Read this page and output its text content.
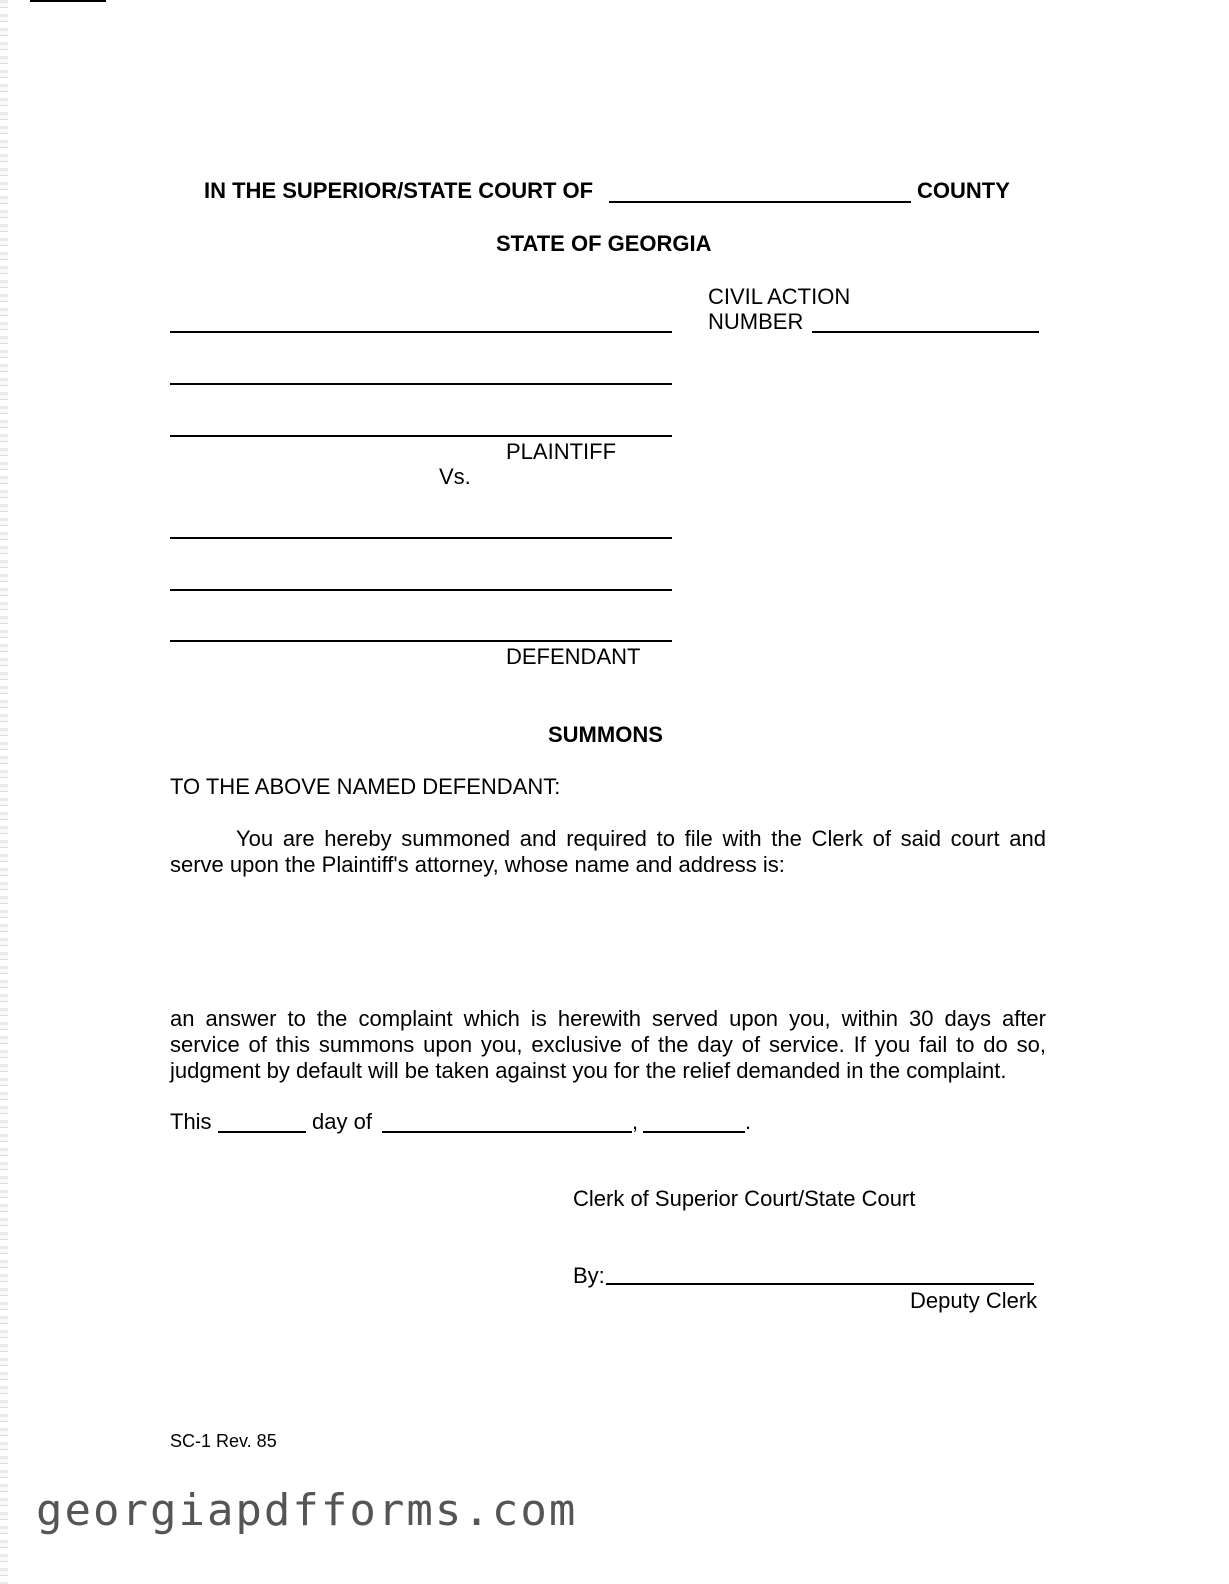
IN THE SUPERIOR/STATE COURT OF	COUNTY
STATE OF GEORGIA
CIVIL ACTION
NUMBER
PLAINTIFF
Vs.
DEFENDANT
SUMMONS
TO THE ABOVE NAMED DEFENDANT:
You are hereby summoned and required to file with the Clerk of said court and serve upon the Plaintiff's attorney, whose name and address is:
an answer to the complaint which is herewith served upon you, within 30 days after service of this summons upon you, exclusive of the day of service. If you fail to do so, judgment by default will be taken against you for the relief demanded in the complaint.
This	day of	,	.
Clerk of Superior Court/State Court
By:
Deputy Clerk
SC-1 Rev. 85
georgiapdfforms.com
